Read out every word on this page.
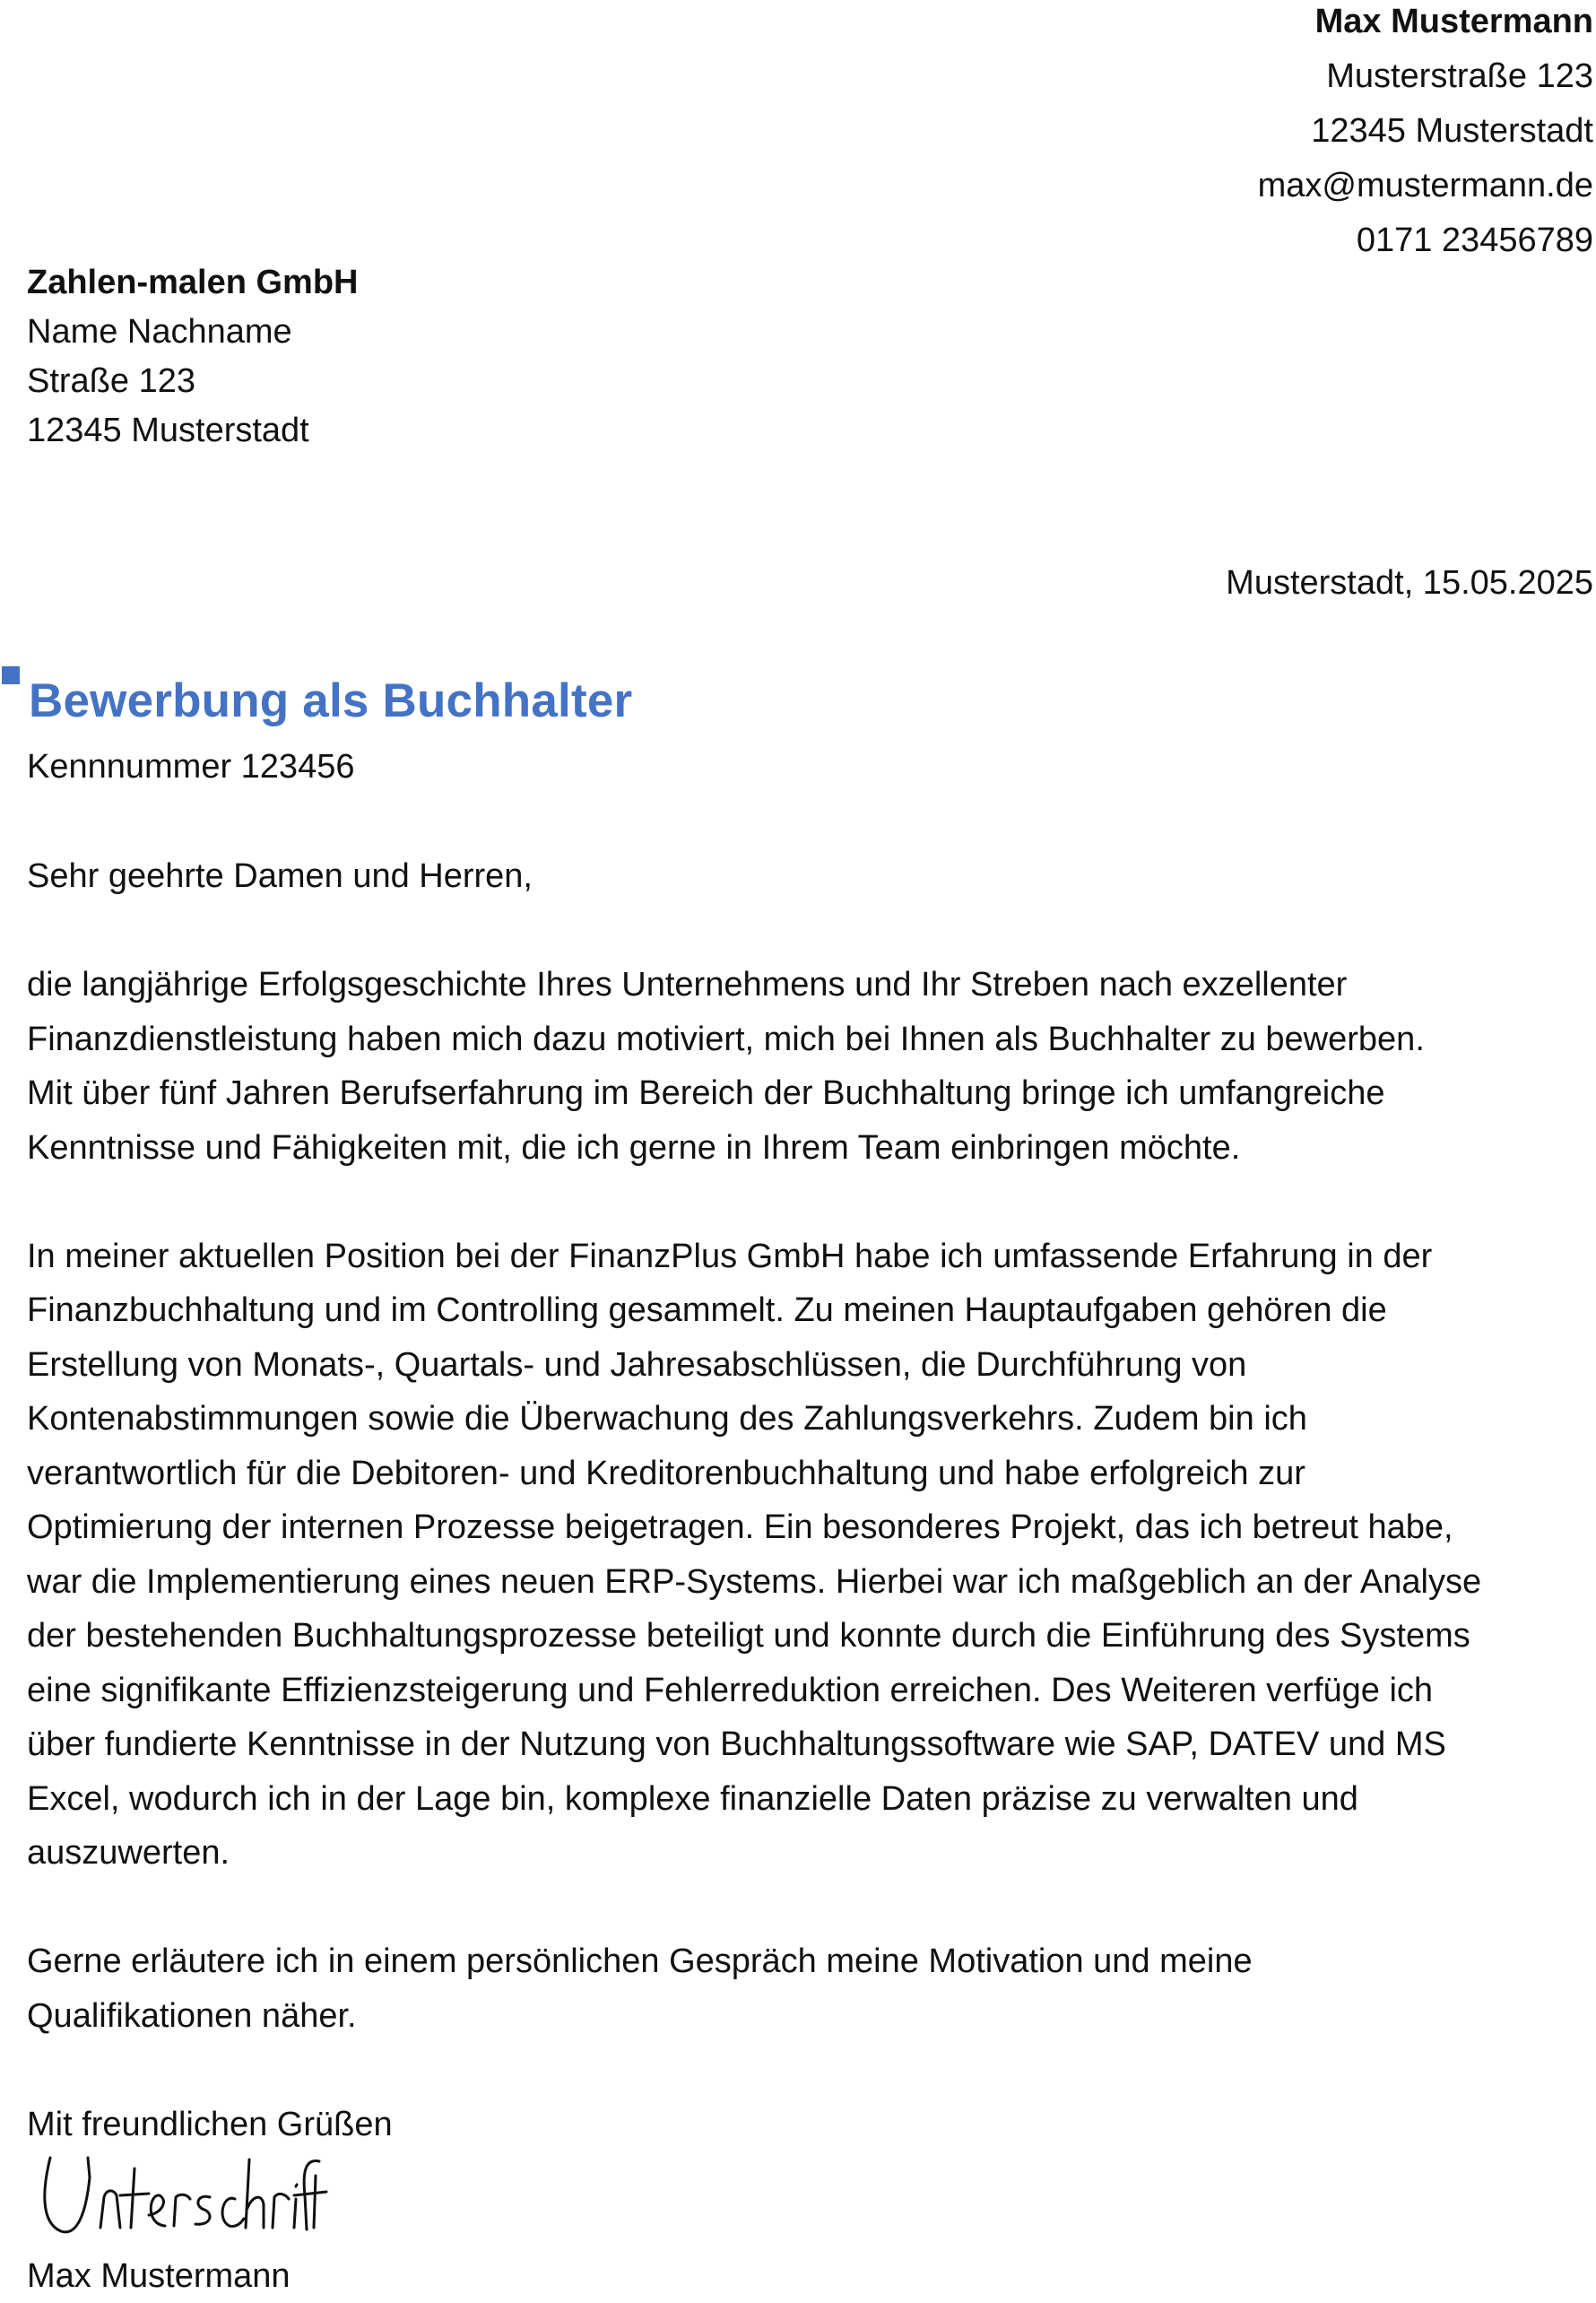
Max Mustermann
Musterstraße 123
12345 Musterstadt
max@mustermann.de
0171 23456789
Zahlen-malen GmbH
Name Nachname
Straße 123
12345 Musterstadt
Musterstadt, 15.05.2025
Bewerbung als Buchhalter
Kennnummer 123456

Sehr geehrte Damen und Herren,

die langjährige Erfolgsgeschichte Ihres Unternehmens und Ihr Streben nach exzellenter

Finanzdienstleistung haben mich dazu motiviert, mich bei Ihnen als Buchhalter zu bewerben.

Mit über fünf Jahren Berufserfahrung im Bereich der Buchhaltung bringe ich umfangreiche

Kenntnisse und Fähigkeiten mit, die ich gerne in Ihrem Team einbringen möchte.

In meiner aktuellen Position bei der FinanzPlus GmbH habe ich umfassende Erfahrung in der

Finanzbuchhaltung und im Controlling gesammelt. Zu meinen Hauptaufgaben gehören die

Erstellung von Monats-, Quartals- und Jahresabschlüssen, die Durchführung von

Kontenabstimmungen sowie die Überwachung des Zahlungsverkehrs. Zudem bin ich

verantwortlich für die Debitoren- und Kreditorenbuchhaltung und habe erfolgreich zur

Optimierung der internen Prozesse beigetragen. Ein besonderes Projekt, das ich betreut habe,

war die Implementierung eines neuen ERP-Systems. Hierbei war ich maßgeblich an der Analyse

der bestehenden Buchhaltungsprozesse beteiligt und konnte durch die Einführung des Systems

eine signifikante Effizienzsteigerung und Fehlerreduktion erreichen. Des Weiteren verfüge ich

über fundierte Kenntnisse in der Nutzung von Buchhaltungssoftware wie SAP, DATEV und MS

Excel, wodurch ich in der Lage bin, komplexe finanzielle Daten präzise zu verwalten und

auszuwerten.

Gerne erläutere ich in einem persönlichen Gespräch meine Motivation und meine

Qualifikationen näher.

Mit freundlichen Grüßen

Max Mustermann
